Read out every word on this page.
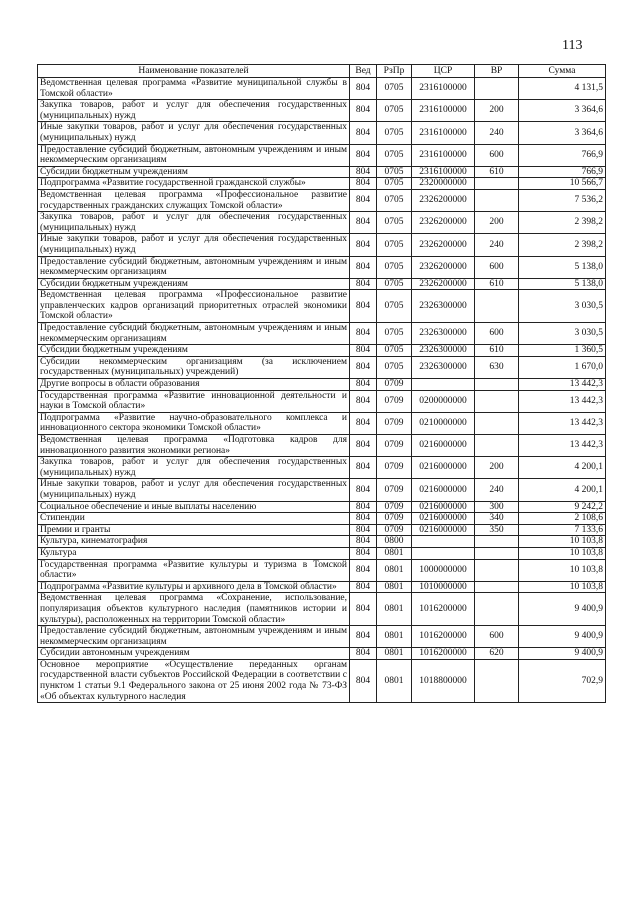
113
Наименование показателей	Вед	РзПр	ЦСР	ВР	Сумма
Ведомственная целевая программа «Развитие муниципальной службы в Томской области»	804	0705	2316100000		4 131,5
Закупка товаров, работ и услуг для обеспечения государственных (муниципальных) нужд	804	0705	2316100000	200	3 364,6
Иные закупки товаров, работ и услуг для обеспечения государственных (муниципальных) нужд	804	0705	2316100000	240	3 364,6
Предоставление субсидий бюджетным, автономным учреждениям и иным некоммерческим организациям	804	0705	2316100000	600	766,9
Субсидии бюджетным учреждениям	804	0705	2316100000	610	766,9
Подпрограмма «Развитие государственной гражданской службы»	804	0705	2320000000		10 566,7
Ведомственная целевая программа «Профессиональное развитие государственных гражданских служащих Томской области»	804	0705	2326200000		7 536,2
Закупка товаров, работ и услуг для обеспечения государственных (муниципальных) нужд	804	0705	2326200000	200	2 398,2
Иные закупки товаров, работ и услуг для обеспечения государственных (муниципальных) нужд	804	0705	2326200000	240	2 398,2
Предоставление субсидий бюджетным, автономным учреждениям и иным некоммерческим организациям	804	0705	2326200000	600	5 138,0
Субсидии бюджетным учреждениям	804	0705	2326200000	610	5 138,0
Ведомственная целевая программа «Профессиональное развитие управленческих кадров организаций приоритетных отраслей экономики Томской области»	804	0705	2326300000		3 030,5
Предоставление субсидий бюджетным, автономным учреждениям и иным некоммерческим организациям	804	0705	2326300000	600	3 030,5
Субсидии бюджетным учреждениям	804	0705	2326300000	610	1 360,5
Субсидии некоммерческим организациям (за исключением государственных (муниципальных) учреждений)	804	0705	2326300000	630	1 670,0
Другие вопросы в области образования	804	0709			13 442,3
Государственная программа «Развитие инновационной деятельности и науки в Томской области»	804	0709	0200000000		13 442,3
Подпрограмма «Развитие научно-образовательного комплекса и инновационного сектора экономики Томской области»	804	0709	0210000000		13 442,3
Ведомственная целевая программа «Подготовка кадров для инновационного развития экономики региона»	804	0709	0216000000		13 442,3
Закупка товаров, работ и услуг для обеспечения государственных (муниципальных) нужд	804	0709	0216000000	200	4 200,1
Иные закупки товаров, работ и услуг для обеспечения государственных (муниципальных) нужд	804	0709	0216000000	240	4 200,1
Социальное обеспечение и иные выплаты населению	804	0709	0216000000	300	9 242,2
Стипендии	804	0709	0216000000	340	2 108,6
Премии и гранты	804	0709	0216000000	350	7 133,6
Культура, кинематография	804	0800			10 103,8
Культура	804	0801			10 103,8
Государственная программа «Развитие культуры и туризма в Томской области»	804	0801	1000000000		10 103,8
Подпрограмма «Развитие культуры и архивного дела в Томской области»	804	0801	1010000000		10 103,8
Ведомственная целевая программа «Сохранение, использование, популяризация объектов культурного наследия (памятников истории и культуры), расположенных на территории Томской области»	804	0801	1016200000		9 400,9
Предоставление субсидий бюджетным, автономным учреждениям и иным некоммерческим организациям	804	0801	1016200000	600	9 400,9
Субсидии автономным учреждениям	804	0801	1016200000	620	9 400,9
Основное мероприятие «Осуществление переданных органам государственной власти субъектов Российской Федерации в соответствии с пунктом 1 статьи 9.1 Федерального закона от 25 июня 2002 года № 73-ФЗ «Об объектах культурного наследия	804	0801	1018800000		702,9
